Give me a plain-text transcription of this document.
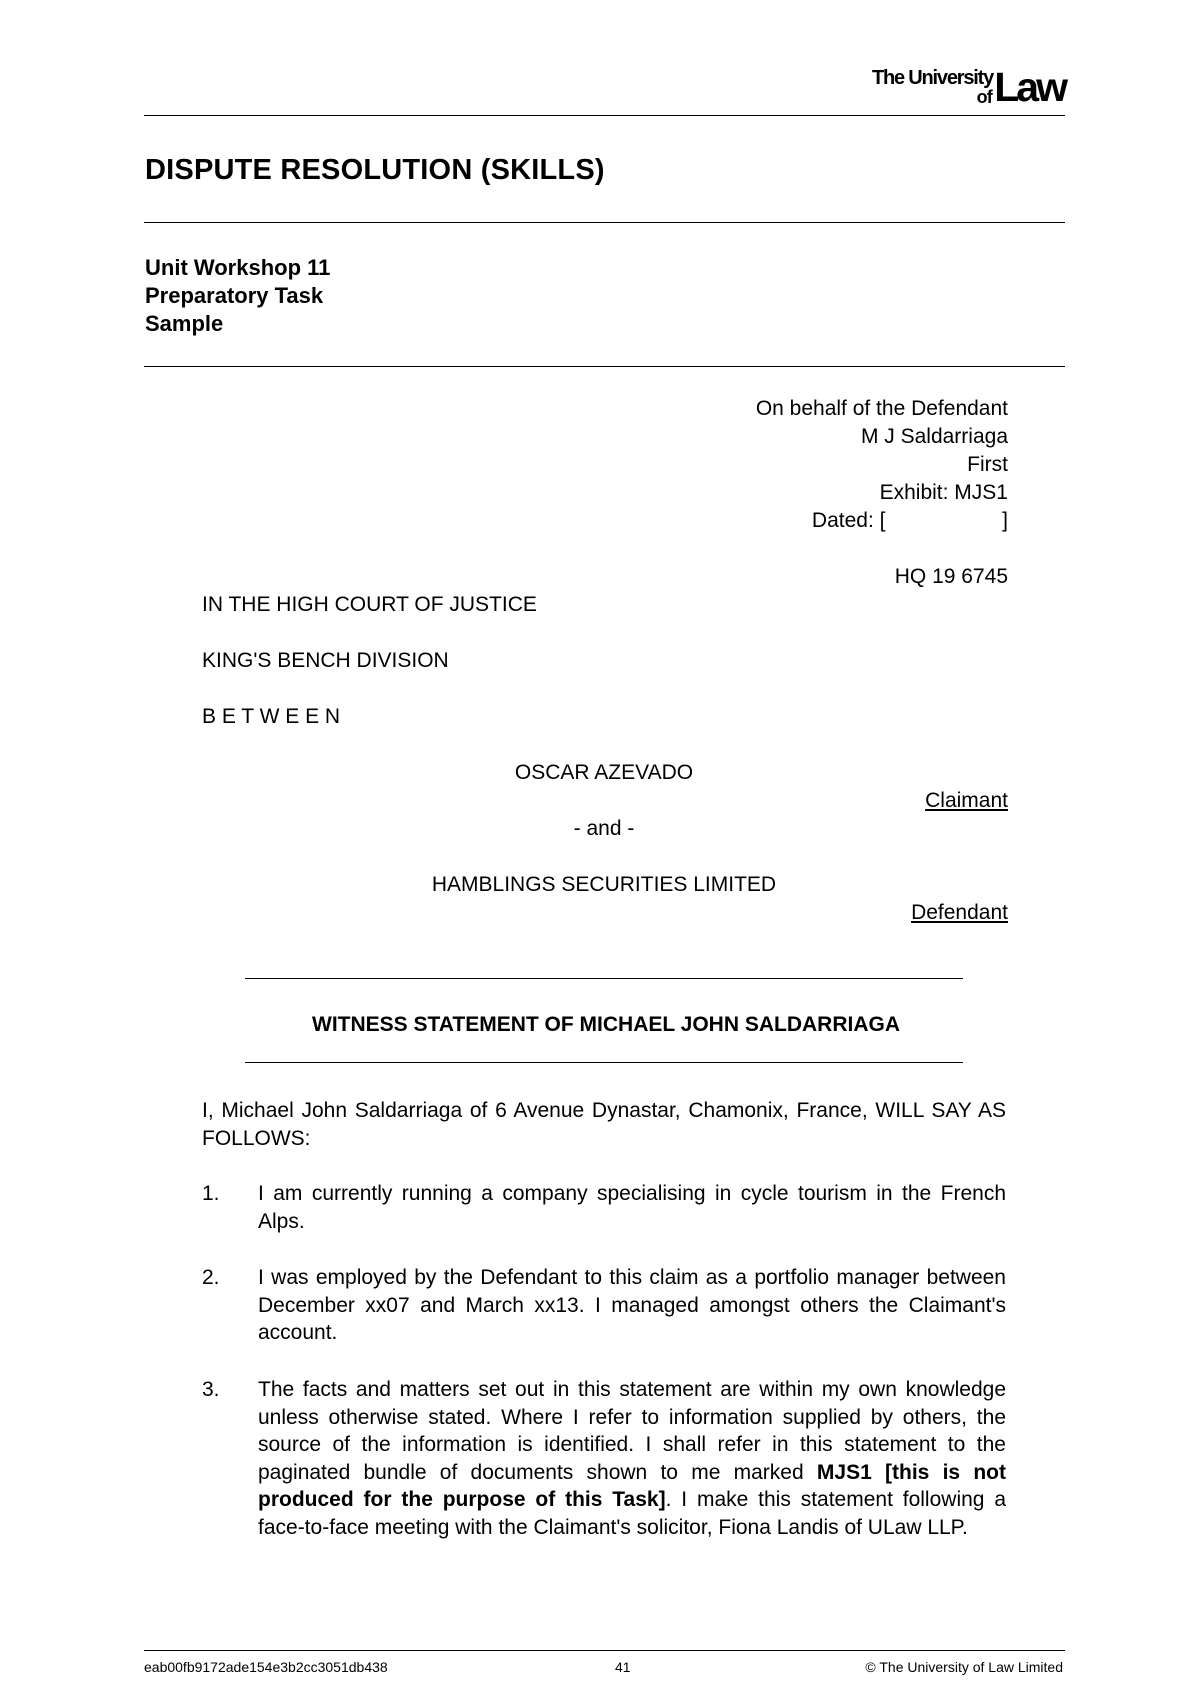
The University
of Law
DISPUTE RESOLUTION (SKILLS)
Unit Workshop 11
Preparatory Task
Sample
On behalf of the Defendant
M J Saldarriaga
First
Exhibit: MJS1
Dated: [                    ]
HQ 19 6745
IN THE HIGH COURT OF JUSTICE
KING'S BENCH DIVISION
B E T W E E N
OSCAR AZEVADO
Claimant
- and -
HAMBLINGS SECURITIES LIMITED
Defendant
WITNESS STATEMENT OF MICHAEL JOHN SALDARRIAGA
I, Michael John Saldarriaga of 6 Avenue Dynastar, Chamonix, France, WILL SAY AS FOLLOWS:
1. I am currently running a company specialising in cycle tourism in the French Alps.
2. I was employed by the Defendant to this claim as a portfolio manager between December xx07 and March xx13. I managed amongst others the Claimant's account.
3. The facts and matters set out in this statement are within my own knowledge unless otherwise stated. Where I refer to information supplied by others, the source of the information is identified. I shall refer in this statement to the paginated bundle of documents shown to me marked MJS1 [this is not produced for the purpose of this Task]. I make this statement following a face-to-face meeting with the Claimant's solicitor, Fiona Landis of ULaw LLP.
eab00fb9172ade154e3b2cc3051db438	41	© The University of Law Limited
